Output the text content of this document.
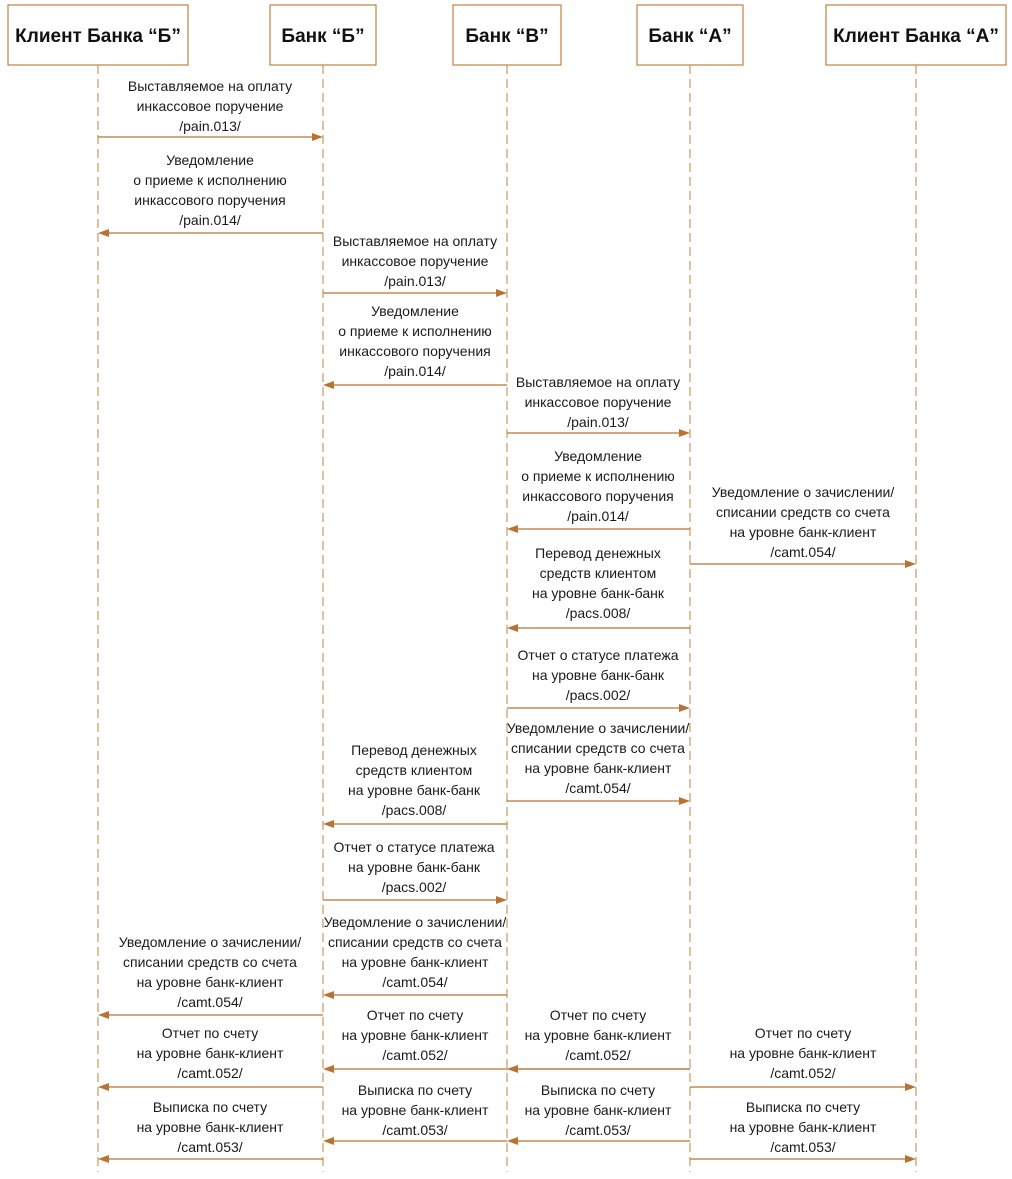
Клиент Банка “Б”	Банк “Б”	Банк “В”	Банк “А”	Клиент Банка “А”
Выставляемое на оплату
инкассовое поручение
/pain.013/
Уведомление
о приеме к исполнению
инкассового поручения
/pain.014/
Выставляемое на оплату
инкассовое поручение
/pain.013/
Уведомление
о приеме к исполнению
инкассового поручения
/pain.014/
Выставляемое на оплату
инкассовое поручение
/pain.013/
Уведомление
о приеме к исполнению
инкассового поручения
/pain.014/
Уведомление о зачислении/
списании средств со счета
на уровне банк-клиент
/camt.054/
Перевод денежных
средств клиентом
на уровне банк-банк
/pacs.008/
Отчет о статусе платежа
на уровне банк-банк
/pacs.002/
Уведомление о зачислении/
списании средств со счета
на уровне банк-клиент
/camt.054/
Перевод денежных
средств клиентом
на уровне банк-банк
/pacs.008/
Отчет о статусе платежа
на уровне банк-банк
/pacs.002/
Уведомление о зачислении/
списании средств со счета
на уровне банк-клиент
/camt.054/
Уведомление о зачислении/
списании средств со счета
на уровне банк-клиент
/camt.054/
Отчет по счету
на уровне банк-клиент
/camt.052/
Отчет по счету
на уровне банк-клиент
/camt.052/
Отчет по счету
на уровне банк-клиент
/camt.052/
Отчет по счету
на уровне банк-клиент
/camt.052/
Выписка по счету
на уровне банк-клиент
/camt.053/
Выписка по счету
на уровне банк-клиент
/camt.053/
Выписка по счету
на уровне банк-клиент
/camt.053/
Выписка по счету
на уровне банк-клиент
/camt.053/
